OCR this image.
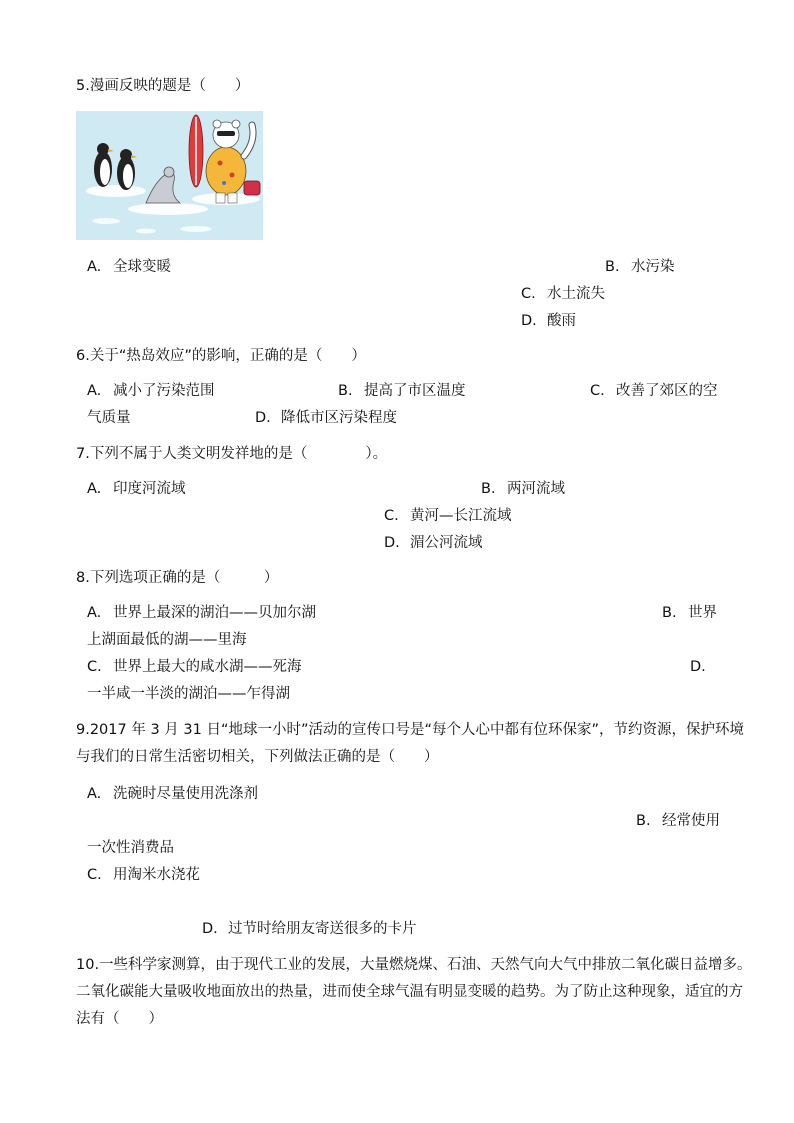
5.漫画反映的题是（　　）
A. 全球变暖	B. 水污染
C. 水土流失
D. 酸雨
6.关于“热岛效应”的影响，正确的是（　　）
A. 减小了污染范围	B. 提高了市区温度	C. 改善了郊区的空
气质量	D. 降低市区污染程度
7.下列不属于人类文明发祥地的是（　　　　）。
A. 印度河流域	B. 两河流域
C. 黄河—长江流域
D. 湄公河流域
8.下列选项正确的是（　　　）
A. 世界上最深的湖泊——贝加尔湖	B. 世界
上湖面最低的湖——里海
C. 世界上最大的咸水湖——死海	D.
一半咸一半淡的湖泊——乍得湖
9.2017 年 3 月 31 日“地球一小时”活动的宣传口号是“每个人心中都有位环保家”，节约资源，保护环境
与我们的日常生活密切相关，下列做法正确的是（　　）
A. 洗碗时尽量使用洗涤剂
B. 经常使用
一次性消费品
C. 用淘米水浇花
D. 过节时给朋友寄送很多的卡片
10.一些科学家测算，由于现代工业的发展，大量燃烧煤、石油、天然气向大气中排放二氧化碳日益增多。
二氧化碳能大量吸收地面放出的热量，进而使全球气温有明显变暖的趋势。为了防止这种现象，适宜的方
法有（　　）
